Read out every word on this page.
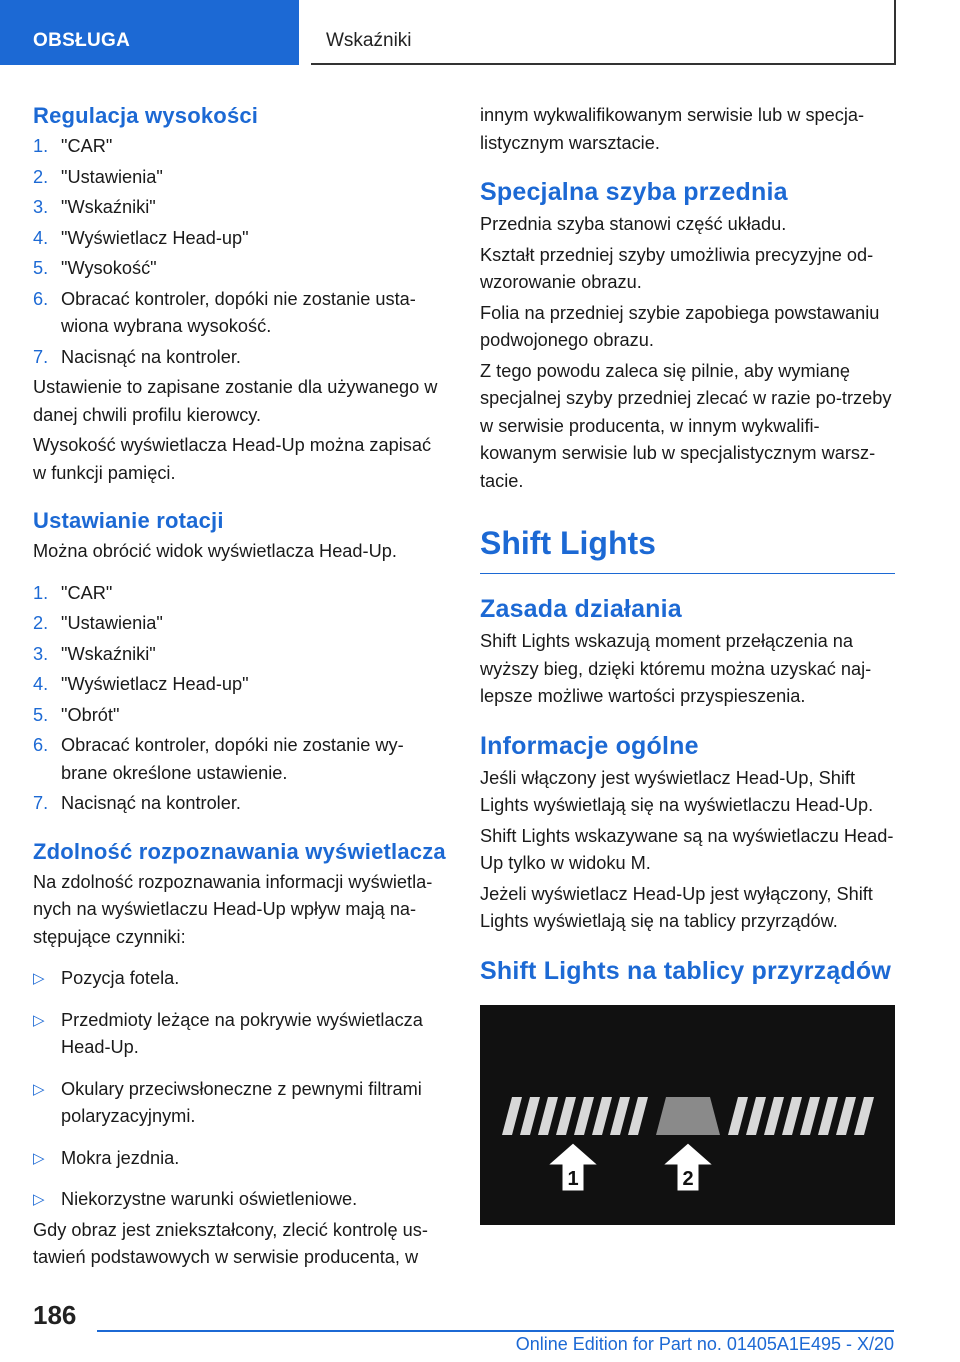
OBSŁUGA	Wskaźniki
Regulacja wysokości
1. "CAR"
2. "Ustawienia"
3. "Wskaźniki"
4. "Wyświetlacz Head-up"
5. "Wysokość"
6. Obracać kontroler, dopóki nie zostanie usta-wiona wybrana wysokość.
7. Nacisnąć na kontroler.

Ustawienie to zapisane zostanie dla używanego w danej chwili profilu kierowcy.

Wysokość wyświetlacza Head-Up można zapisać w funkcji pamięci.

Ustawianie rotacji

Można obrócić widok wyświetlacza Head-Up.

1. "CAR"
2. "Ustawienia"
3. "Wskaźniki"
4. "Wyświetlacz Head-up"
5. "Obrót"
6. Obracać kontroler, dopóki nie zostanie wy-brane określone ustawienie.
7. Nacisnąć na kontroler.
Zdolność rozpoznawania wyświetlacza

Na zdolność rozpoznawania informacji wyświetla-nych na wyświetlaczu Head-Up wpływ mają na-stępujące czynniki:

▷ Pozycja fotela.
▷ Przedmioty leżące na pokrywie wyświetlacza Head-Up.
▷ Okulary przeciwsłoneczne z pewnymi filtrami polaryzacyjnymi.
▷ Mokra jezdnia.
▷ Niekorzystne warunki oświetleniowe.

Gdy obraz jest zniekształcony, zlecić kontrolę us-tawień podstawowych w serwisie producenta, w

innym wykwalifikowanym serwisie lub w specja-listycznym warsztacie.

Specjalna szyba przednia

Przednia szyba stanowi część układu.

Kształt przedniej szyby umożliwia precyzyjne od-wzorowanie obrazu.

Folia na przedniej szybie zapobiega powstawaniu podwojonego obrazu.

Z tego powodu zaleca się pilnie, aby wymianę specjalnej szyby przedniej zlecać w razie po-trzeby w serwisie producenta, w innym wykwalifi-kowanym serwisie lub w specjalistycznym warsz-tacie.

Shift Lights
Zasada działania

Shift Lights wskazują moment przełączenia na wyższy bieg, dzięki któremu można uzyskać naj-lepsze możliwe wartości przyspieszenia.

Informacje ogólne

Jeśli włączony jest wyświetlacz Head-Up, Shift Lights wyświetlają się na wyświetlaczu Head-Up.

Shift Lights wskazywane są na wyświetlaczu Head-Up tylko w widoku M.

Jeżeli wyświetlacz Head-Up jest wyłączony, Shift Lights wyświetlają się na tablicy przyrządów.

Shift Lights na tablicy przyrządów
1	2
186
Online Edition for Part no. 01405A1E495 - X/20
